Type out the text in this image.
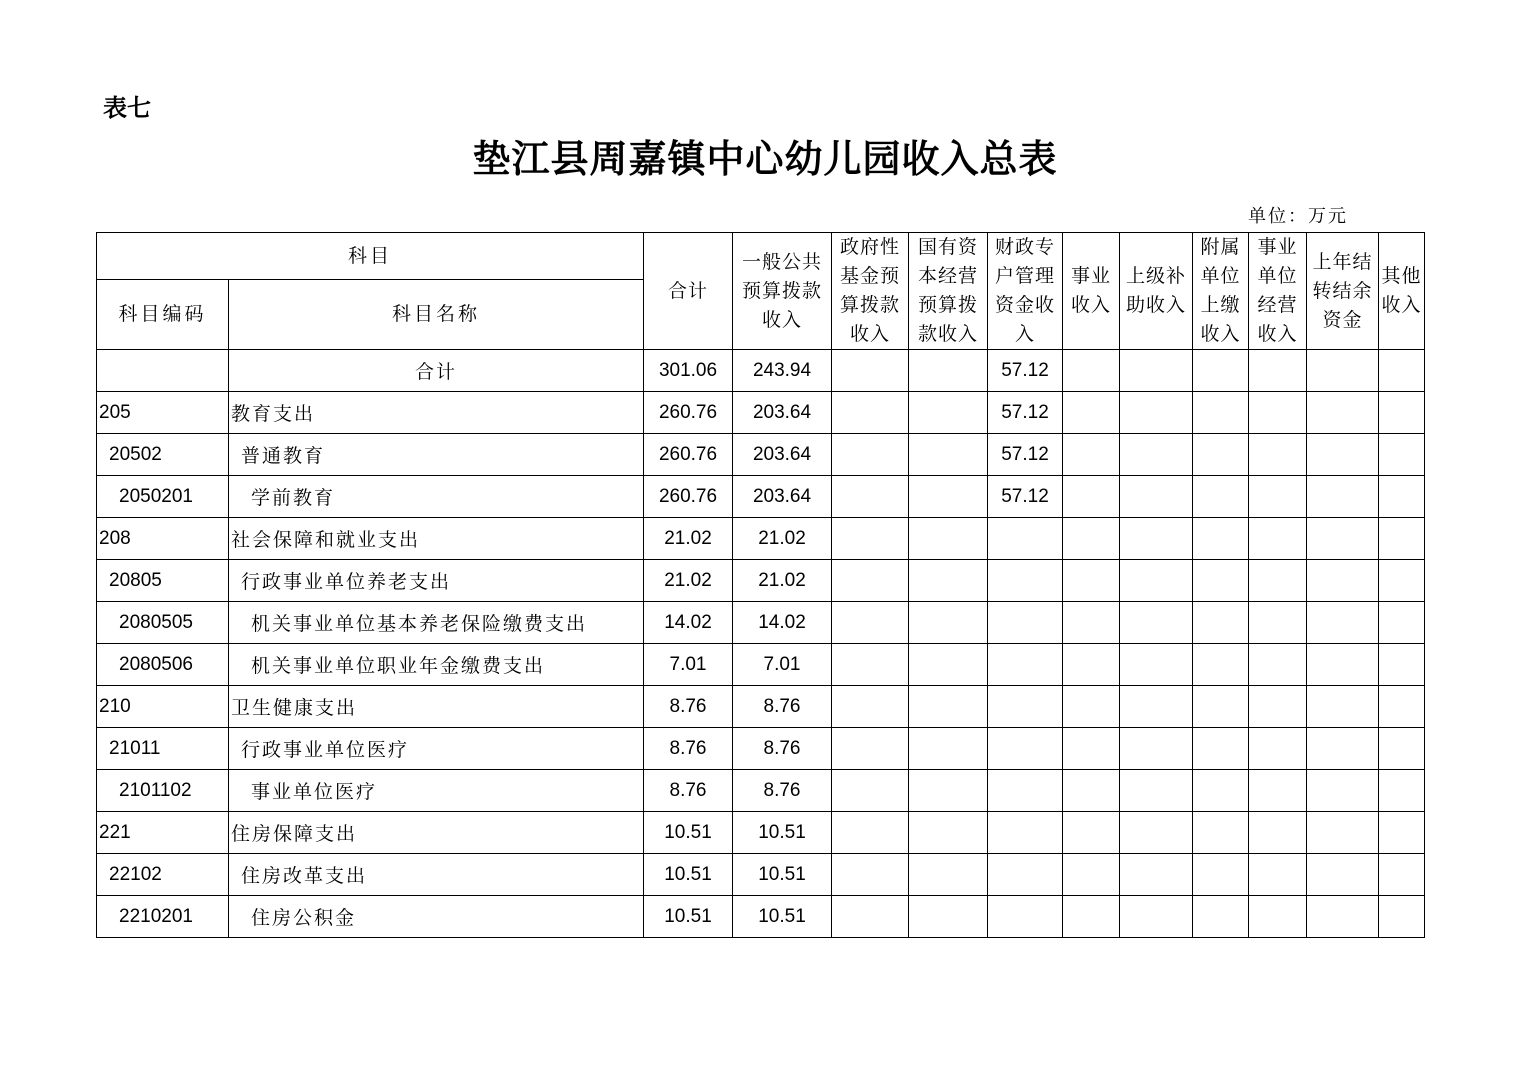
表七
垫江县周嘉镇中心幼儿园收入总表
单位：万元
科目		合计	一般公共预算拨款收入	政府性基金预算拨款收入	国有资本经营预算拨款收入	财政专户管理资金收入	事业收入	上级补助收入	附属单位上缴收入	事业单位经营收入	上年结转结余资金	其他收入
科目编码	科目名称											
	合计	301.06	243.94			57.12						
205	教育支出	260.76	203.64			57.12						
20502	普通教育	260.76	203.64			57.12						
2050201	学前教育	260.76	203.64			57.12						
208	社会保障和就业支出	21.02	21.02									
20805	行政事业单位养老支出	21.02	21.02									
2080505	机关事业单位基本养老保险缴费支出	14.02	14.02									
2080506	机关事业单位职业年金缴费支出	7.01	7.01									
210	卫生健康支出	8.76	8.76									
21011	行政事业单位医疗	8.76	8.76									
2101102	事业单位医疗	8.76	8.76									
221	住房保障支出	10.51	10.51									
22102	住房改革支出	10.51	10.51									
2210201	住房公积金	10.51	10.51									
